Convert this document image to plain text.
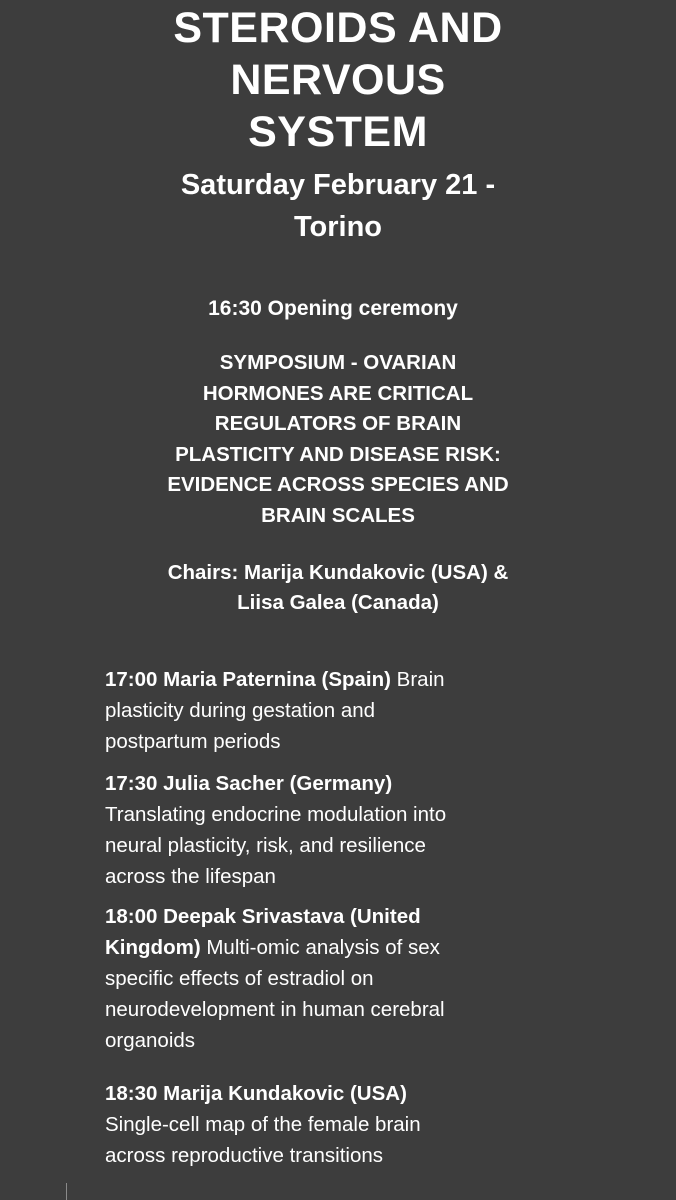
STEROIDS AND
NERVOUS
SYSTEM
Saturday February 21 -
Torino
16:30 Opening ceremony
SYMPOSIUM - OVARIAN
HORMONES ARE CRITICAL
REGULATORS OF BRAIN
PLASTICITY AND DISEASE RISK:
EVIDENCE ACROSS SPECIES AND
BRAIN SCALES
Chairs: Marija Kundakovic (USA) &
Liisa Galea (Canada)
17:00 Maria Paternina (Spain) Brain
plasticity during gestation and
postpartum periods
17:30 Julia Sacher (Germany)
Translating endocrine modulation into
neural plasticity, risk, and resilience
across the lifespan
18:00 Deepak Srivastava (United
Kingdom) Multi-omic analysis of sex
specific effects of estradiol on
neurodevelopment in human cerebral
organoids
18:30 Marija Kundakovic (USA)
Single-cell map of the female brain
across reproductive transitions
